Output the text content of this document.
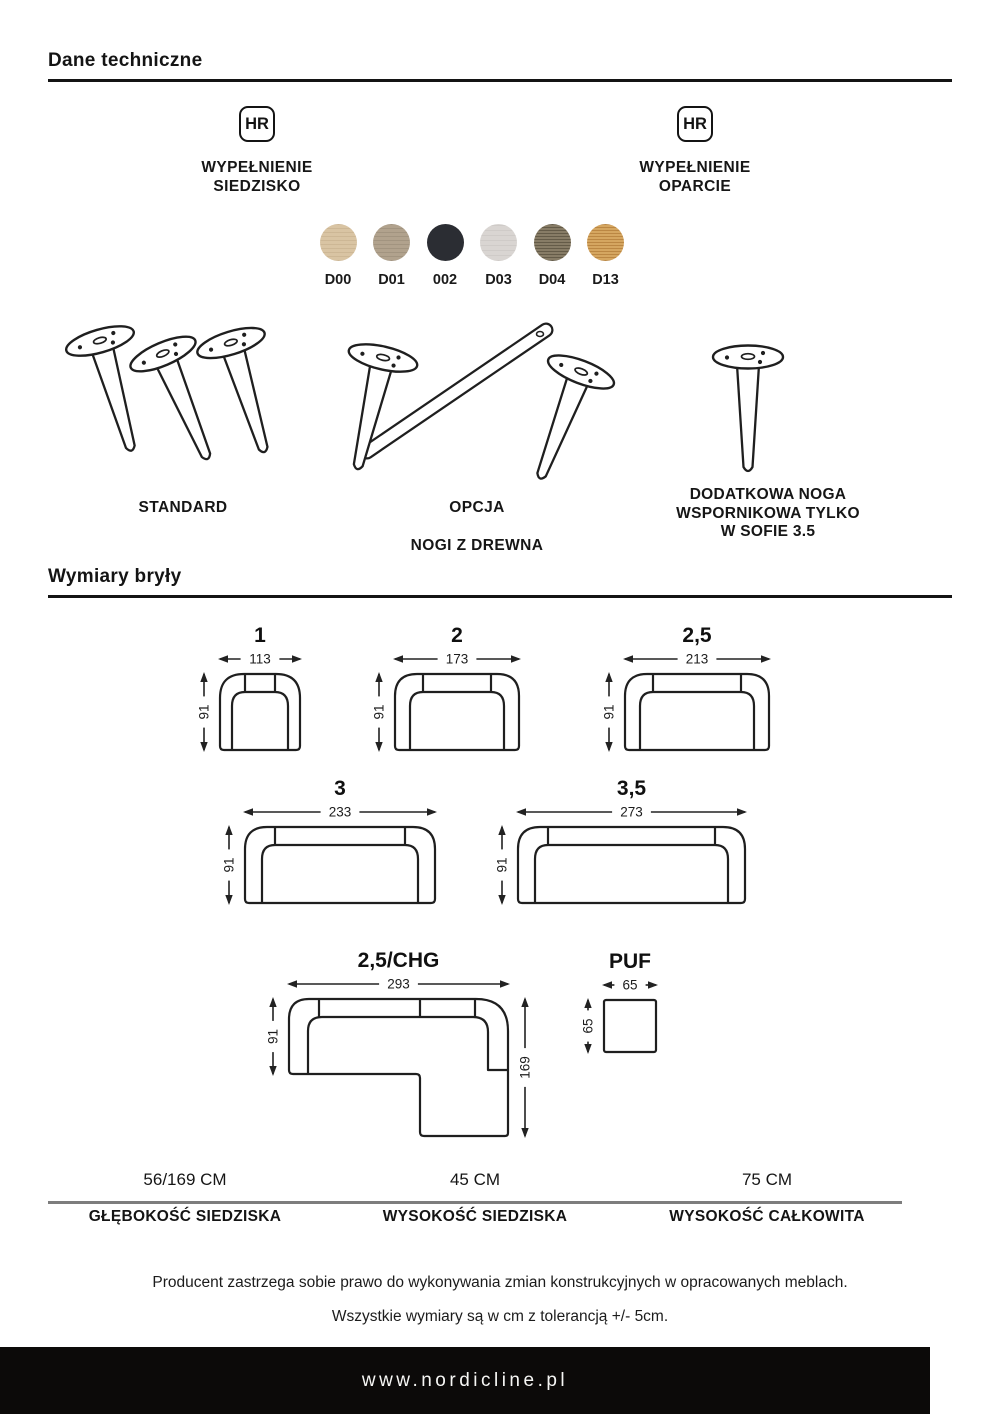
Dane techniczne
HR
WYPEŁNIENIE
SIEDZISKO
HR
WYPEŁNIENIE
OPARCIE
D00	D01	002	D03	D04	D13
STANDARD	OPCJA
NOGI Z DREWNA
DODATKOWA NOGA
WSPORNIKOWA TYLKO
W SOFIE 3.5
Wymiary bryły
1
113
91
2
173
91
2,5
213
91
3
233
91
3,5
273
91
2,5/CHG
293
91
169
PUF
65
65
56/169 CM
GŁĘBOKOŚĆ SIEDZISKA
45 CM
WYSOKOŚĆ SIEDZISKA
75 CM
WYSOKOŚĆ CAŁKOWITA
Producent zastrzega sobie prawo do wykonywania zmian konstrukcyjnych w opracowanych meblach.
Wszystkie wymiary są w cm z tolerancją +/- 5cm.
www.nordicline.pl
